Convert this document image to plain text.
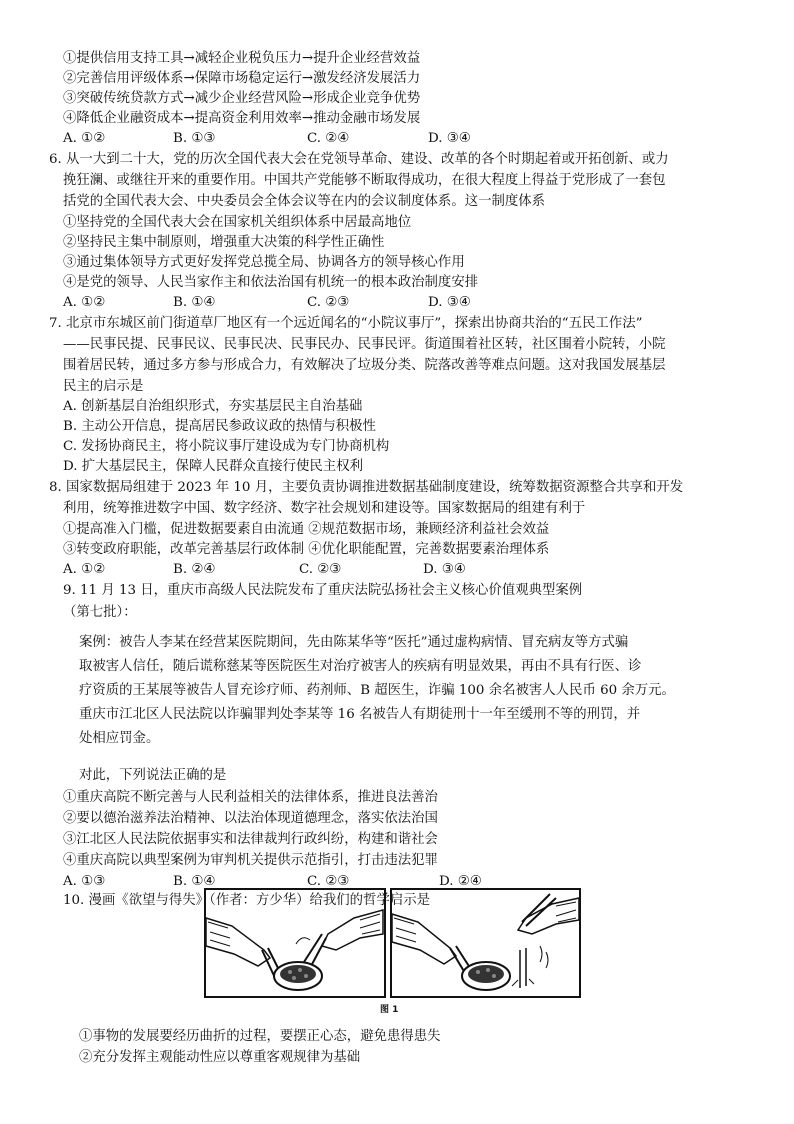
①提供信用支持工具→减轻企业税负压力→提升企业经营效益
②完善信用评级体系→保障市场稳定运行→激发经济发展活力
③突破传统贷款方式→减少企业经营风险→形成企业竞争优势
④降低企业融资成本→提高资金利用效率→推动金融市场发展
A. ①②	B. ①③	C. ②④	D. ③④
6. 从一大到二十大，党的历次全国代表大会在党领导革命、建设、改革的各个时期起着或开拓创新、或力
挽狂澜、或继往开来的重要作用。中国共产党能够不断取得成功，在很大程度上得益于党形成了一套包
括党的全国代表大会、中央委员会全体会议等在内的会议制度体系。这一制度体系
①坚持党的全国代表大会在国家机关组织体系中居最高地位
②坚持民主集中制原则，增强重大决策的科学性正确性
③通过集体领导方式更好发挥党总揽全局、协调各方的领导核心作用
④是党的领导、人民当家作主和依法治国有机统一的根本政治制度安排
A. ①②	B. ①④	C. ②③	D. ③④
7. 北京市东城区前门街道草厂地区有一个远近闻名的“小院议事厅”，探索出协商共治的“五民工作法”
——民事民提、民事民议、民事民决、民事民办、民事民评。街道围着社区转，社区围着小院转，小院
围着居民转，通过多方参与形成合力，有效解决了垃圾分类、院落改善等难点问题。这对我国发展基层
民主的启示是
A. 创新基层自治组织形式，夯实基层民主自治基础
B. 主动公开信息，提高居民参政议政的热情与积极性
C. 发扬协商民主，将小院议事厅建设成为专门协商机构
D. 扩大基层民主，保障人民群众直接行使民主权利
8. 国家数据局组建于 2023 年 10 月，主要负责协调推进数据基础制度建设，统筹数据资源整合共享和开发
利用，统筹推进数字中国、数字经济、数字社会规划和建设等。国家数据局的组建有利于
①提高准入门槛，促进数据要素自由流通 ②规范数据市场，兼顾经济利益社会效益
③转变政府职能，改革完善基层行政体制 ④优化职能配置，完善数据要素治理体系
A. ①②	B. ②④	C. ②③	D. ③④
9. 11 月 13 日，重庆市高级人民法院发布了重庆法院弘扬社会主义核心价值观典型案例
（第七批）：
案例：被告人李某在经营某医院期间，先由陈某华等“医托”通过虚构病情、冒充病友等方式骗
取被害人信任，随后谎称慈某等医院医生对治疗被害人的疾病有明显效果，再由不具有行医、诊
疗资质的王某展等被告人冒充诊疗师、药剂师、B 超医生，诈骗 100 余名被害人人民币 60 余万元。
重庆市江北区人民法院以诈骗罪判处李某等 16 名被告人有期徒刑十一年至缓刑不等的刑罚，并
处相应罚金。
对此，下列说法正确的是
①重庆高院不断完善与人民利益相关的法律体系，推进良法善治
②要以德治滋养法治精神、以法治体现道德理念，落实依法治国
③江北区人民法院依据事实和法律裁判行政纠纷，构建和谐社会
④重庆高院以典型案例为审判机关提供示范指引，打击违法犯罪
A. ①③	B. ①④	C. ②③	D. ②④
10. 漫画《欲望与得失》（作者：方少华）给我们的哲学启示是
图 1
①事物的发展要经历曲折的过程，要摆正心态，避免患得患失
②充分发挥主观能动性应以尊重客观规律为基础
